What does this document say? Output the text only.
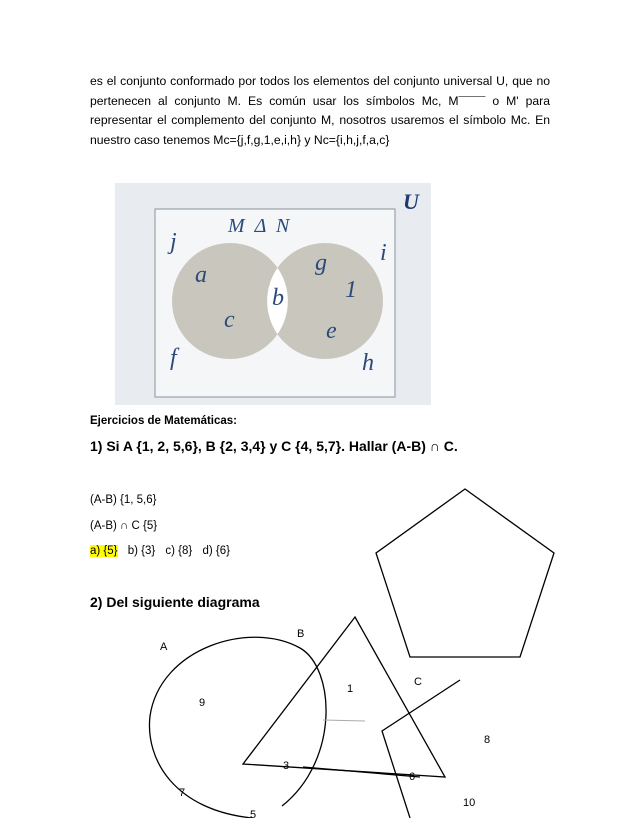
es el conjunto conformado por todos los elementos del conjunto universal U, que no pertenecen al conjunto M. Es común usar los símbolos Mc, M¯¯¯¯ o M' para representar el complemento del conjunto M, nosotros usaremos el símbolo Mc. En nuestro caso tenemos Mc={j,f,g,1,e,i,h} y Nc={i,h,j,f,a,c}
U
M  Δ  N
j
f
i
h
a
c
b
g
1
e
Ejercicios de Matemáticas:
1) Si A {1, 2, 5,6}, B {2, 3,4} y C {4, 5,7}. Hallar (A-B) ∩ C.
(A-B) {1, 5,6}
(A-B) ∩ C {5}
a) {5} b) {3} c) {8} d) {6}
2) Del siguiente diagrama
A
B
C
9
1
3
6
8
7
5
10
